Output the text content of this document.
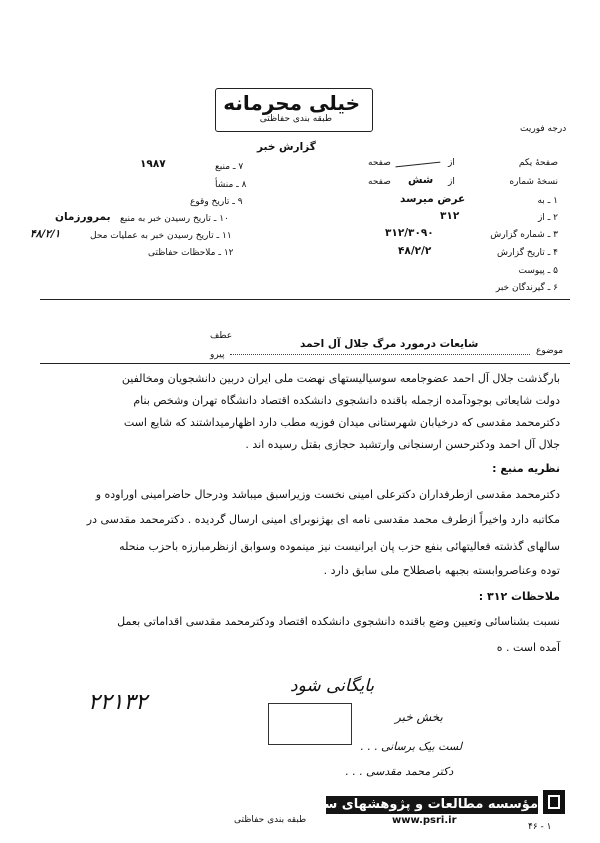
خیلی محرمانه
طبقه بندی حفاظتی
گزارش خبر
درجه فوریت
صفحهٔ یکم
از
صفحه
نسخهٔ شماره
شش از
صفحه
۱ ـ به
عرض میرسد
۲ ـ از
۳۱۲
۳ ـ شماره گزارش
۳۱۲/۳۰۹۰
۴ ـ تاریخ گزارش
۴۸/۲/۲
۵ ـ پیوست
۶ ـ گیرندگان خبر
۷ ـ منبع
۱۹۸۷
۸ ـ منشأ
۹ ـ تاریخ وقوع
۱۰ ـ تاریخ رسیدن خبر به منبع
بمرورزمان
۱۱ ـ تاریخ رسیدن خبر به عملیات محل
۴۸/۲/۱
۱۲ ـ ملاحظات حفاظتی
عطف
پیرو	موضوع
شایعات درمورد مرگ جلال آل احمد
بارگذشت جلال آل احمد عضوجامعه سوسیالیستهای نهضت ملی ایران دربین دانشجویان ومخالفین
دولت شایعاتی بوجودآمده ازجمله باقنده دانشجوی دانشکده اقتصاد دانشگاه تهران وشخص بنام
دکترمحمد مقدسی که درخیابان شهرستانی میدان فوزیه مطب دارد اظهارمیداشتند که شایع است
جلال آل احمد ودکترحسن ارسنجانی وارتشبد حجازی بقتل رسیده اند .
نظریه منبع :
دکترمحمد مقدسی ازطرفداران دکترعلی امینی نخست وزیراسبق میباشد ودرحال حاضرامینی اوراوده و
مکاتبه دارد واخیراً ازطرف محمد مقدسی نامه ای بهژنوبرای امینی ارسال گردیده . دکترمحمد مقدسی در
سالهای گذشته فعالیتهائی بنفع حزب پان ایرانیست نیز مینموده وسوابق ازنظرمبارزه باحزب منحله
توده وعناصروابسته بجبهه باصطلاح ملی سابق دارد .
ملاحظات ۳۱۲ :
نسبت بشناسائی وتعیین وضع باقنده دانشجوی دانشکده اقتصاد ودکترمحمد مقدسی اقداماتی بعمل
آمده است . ه
۲۲۱۳۲
بایگانی شود
بخش خبر
لست بیک برسانی . . .
دکتر محمد مقدسی . . .
طبقه بندی حفاظتی
۴۶ - ۱
مؤسسه مطالعات و پژوهشهای سیاسی
www.psri.ir
